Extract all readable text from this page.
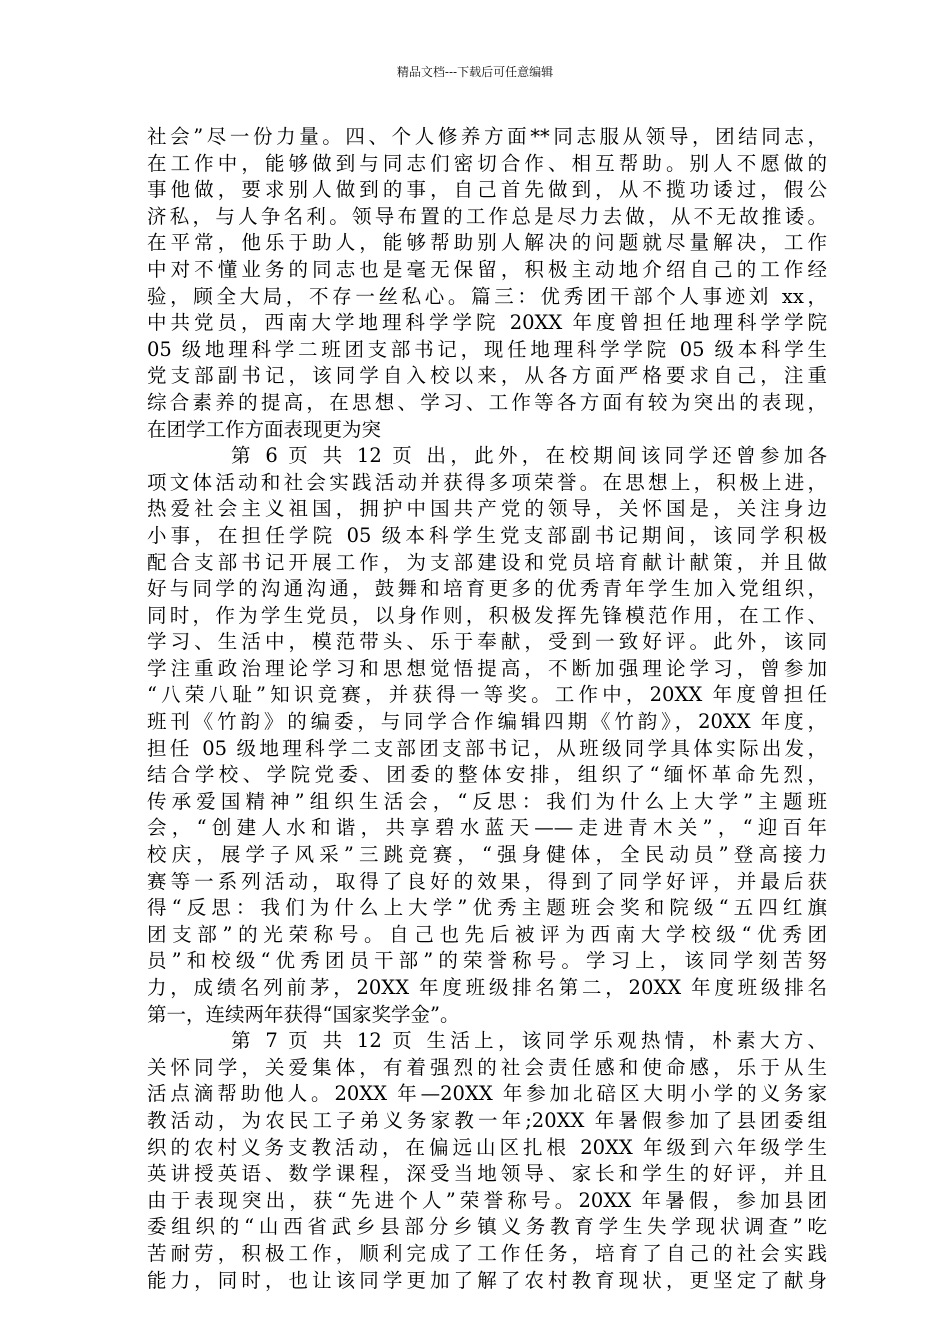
精品文档---下载后可任意编辑
社会”尽一份力量。四、个人修养方面**同志服从领导，团结同志，
在工作中，能够做到与同志们密切合作、相互帮助。别人不愿做的
事他做，要求别人做到的事，自己首先做到，从不揽功诿过，假公
济私，与人争名利。领导布置的工作总是尽力去做，从不无故推诿。
在平常，他乐于助人，能够帮助别人解决的问题就尽量解决，工作
中对不懂业务的同志也是毫无保留，积极主动地介绍自己的工作经
验，顾全大局，不存一丝私心。篇三：优秀团干部个人事迹刘 xx，
中共党员，西南大学地理科学学院 20XX 年度曾担任地理科学学院
05 级地理科学二班团支部书记，现任地理科学学院 05 级本科学生
党支部副书记，该同学自入校以来，从各方面严格要求自己，注重
综合素养的提高，在思想、学习、工作等各方面有较为突出的表现，
在团学工作方面表现更为突
第 6 页 共 12 页 出，此外，在校期间该同学还曾参加各
项文体活动和社会实践活动并获得多项荣誉。在思想上，积极上进，
热爱社会主义祖国，拥护中国共产党的领导，关怀国是，关注身边
小事，在担任学院 05 级本科学生党支部副书记期间，该同学积极
配合支部书记开展工作，为支部建设和党员培育献计献策，并且做
好与同学的沟通沟通，鼓舞和培育更多的优秀青年学生加入党组织，
同时，作为学生党员，以身作则，积极发挥先锋模范作用，在工作、
学习、生活中，模范带头、乐于奉献，受到一致好评。此外，该同
学注重政治理论学习和思想觉悟提高，不断加强理论学习，曾参加
“八荣八耻”知识竞赛，并获得一等奖。工作中，20XX 年度曾担任
班刊《竹韵》的编委，与同学合作编辑四期《竹韵》，20XX 年度，
担任 05 级地理科学二支部团支部书记，从班级同学具体实际出发，
结合学校、学院党委、团委的整体安排，组织了“缅怀革命先烈，
传承爱国精神”组织生活会，“反思：我们为什么上大学”主题班
会，“创建人水和谐，共享碧水蓝天——走进青木关”，“迎百年
校庆，展学子风采”三跳竞赛，“强身健体，全民动员”登高接力
赛等一系列活动，取得了良好的效果，得到了同学好评，并最后获
得“反思：我们为什么上大学”优秀主题班会奖和院级“五四红旗
团支部”的光荣称号。自己也先后被评为西南大学校级“优秀团
员”和校级“优秀团员干部”的荣誉称号。学习上，该同学刻苦努
力，成绩名列前茅，20XX 年度班级排名第二，20XX 年度班级排名
第一，连续两年获得“国家奖学金”。
第 7 页 共 12 页 生活上，该同学乐观热情，朴素大方、
关怀同学，关爱集体，有着强烈的社会责任感和使命感，乐于从生
活点滴帮助他人。20XX 年—20XX 年参加北碚区大明小学的义务家
教活动，为农民工子弟义务家教一年;20XX 年暑假参加了县团委组
织的农村义务支教活动，在偏远山区扎根 20XX 年级到六年级学生
英讲授英语、数学课程，深受当地领导、家长和学生的好评，并且
由于表现突出，获“先进个人”荣誉称号。20XX 年暑假，参加县团
委组织的“山西省武乡县部分乡镇义务教育学生失学现状调查”吃
苦耐劳，积极工作，顺利完成了工作任务，培育了自己的社会实践
能力，同时，也让该同学更加了解了农村教育现状，更坚定了献身
